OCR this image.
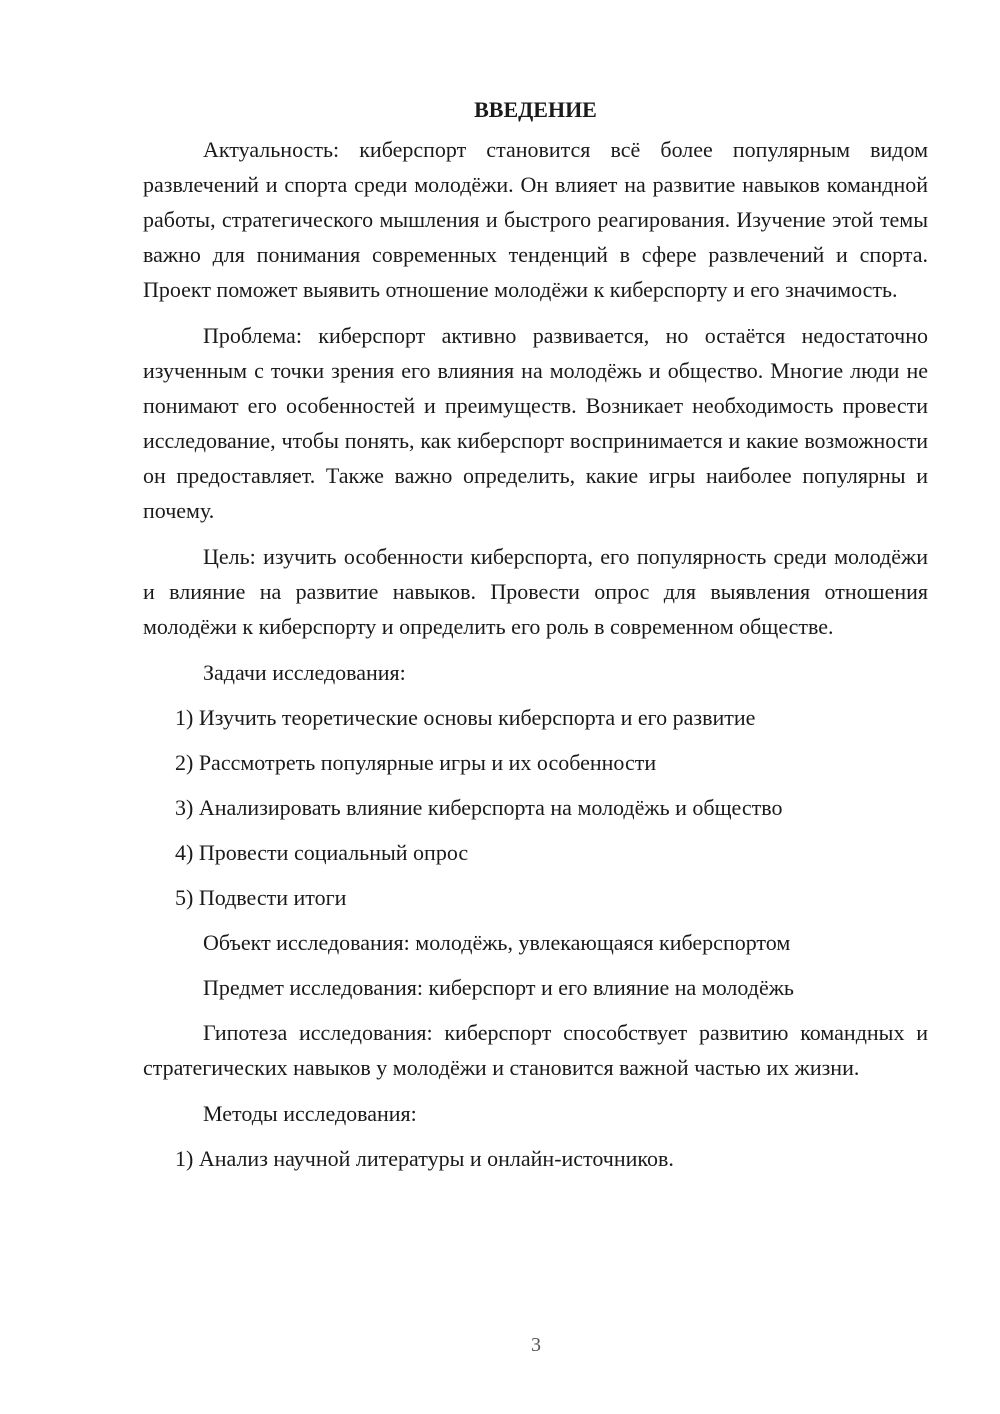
ВВЕДЕНИЕ

Актуальность: киберспорт становится всё более популярным видом развлечений и спорта среди молодёжи. Он влияет на развитие навыков командной работы, стратегического мышления и быстрого реагирования. Изучение этой темы важно для понимания современных тенденций в сфере развлечений и спорта. Проект поможет выявить отношение молодёжи к киберспорту и его значимость.

Проблема: киберспорт активно развивается, но остаётся недостаточно изученным с точки зрения его влияния на молодёжь и общество. Многие люди не понимают его особенностей и преимуществ. Возникает необходимость провести исследование, чтобы понять, как киберспорт воспринимается и какие возможности он предоставляет. Также важно определить, какие игры наиболее популярны и почему.

Цель: изучить особенности киберспорта, его популярность среди молодёжи и влияние на развитие навыков. Провести опрос для выявления отношения молодёжи к киберспорту и определить его роль в современном обществе.

Задачи исследования:

1) Изучить теоретические основы киберспорта и его развитие

2) Рассмотреть популярные игры и их особенности

3) Анализировать влияние киберспорта на молодёжь и общество

4) Провести социальный опрос

5) Подвести итоги

Объект исследования: молодёжь, увлекающаяся киберспортом

Предмет исследования: киберспорт и его влияние на молодёжь

Гипотеза исследования: киберспорт способствует развитию командных и стратегических навыков у молодёжи и становится важной частью их жизни.

Методы исследования:

1) Анализ научной литературы и онлайн-источников.

3
